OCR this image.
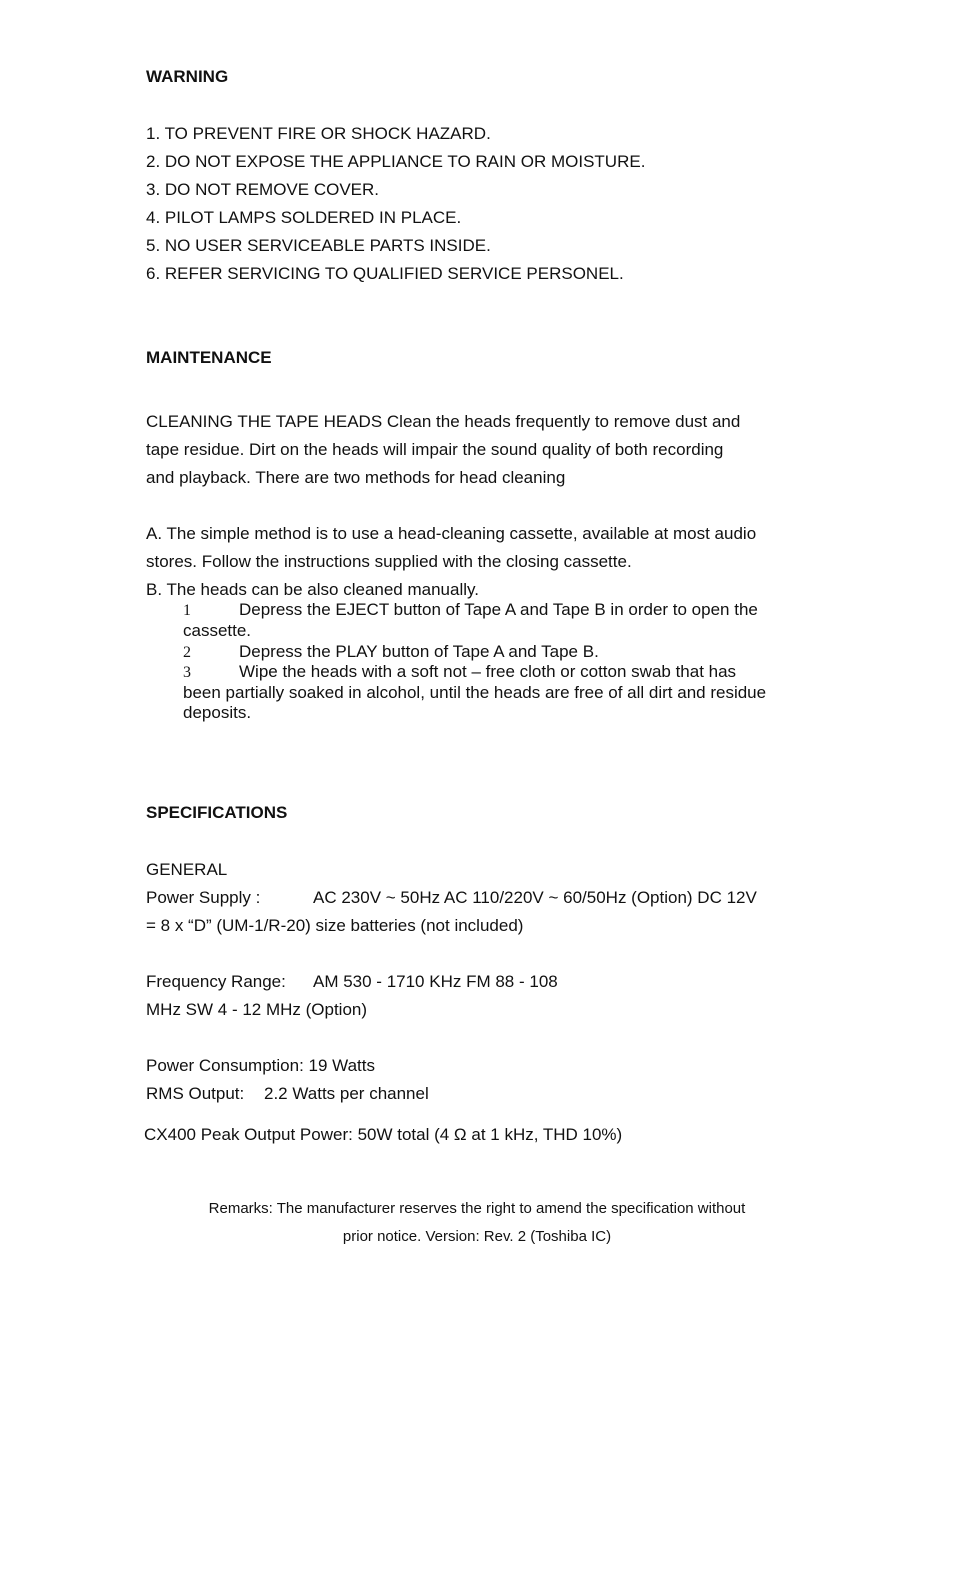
WARNING

1. TO PREVENT FIRE OR SHOCK HAZARD.

2. DO NOT EXPOSE THE APPLIANCE TO RAIN OR MOISTURE.

3. DO NOT REMOVE COVER.

4. PILOT LAMPS SOLDERED IN PLACE.

5. NO USER SERVICEABLE PARTS INSIDE.

6. REFER SERVICING TO QUALIFIED SERVICE PERSONEL.

MAINTENANCE

CLEANING THE TAPE HEADS Clean the heads frequently to remove dust and

tape residue. Dirt on the heads will impair the sound quality of both recording

and playback. There are two methods for head cleaning

A. The simple method is to use a head-cleaning cassette, available at most audio

stores. Follow the instructions supplied with the closing cassette.

B. The heads can be also cleaned manually.

1	Depress the EJECT button of Tape A and Tape B in order to open the

cassette.

2	Depress the PLAY button of Tape A and Tape B.

3	Wipe the heads with a soft not – free cloth or cotton swab that has

been partially soaked in alcohol, until the heads are free of all dirt and residue

deposits.

SPECIFICATIONS

GENERAL

Power Supply :	AC 230V ~ 50Hz AC 110/220V ~ 60/50Hz (Option) DC 12V

= 8 x “D” (UM-1/R-20) size batteries (not included)

Frequency Range: AM 530 - 1710 KHz FM 88 - 108

MHz SW 4 - 12 MHz (Option)

Power Consumption: 19 Watts

RMS Output: 2.2 Watts per channel

CX400 Peak Output Power: 50W total (4 Ω at 1 kHz, THD 10%)

Remarks: The manufacturer reserves the right to amend the specification without

prior notice. Version: Rev. 2 (Toshiba IC)
